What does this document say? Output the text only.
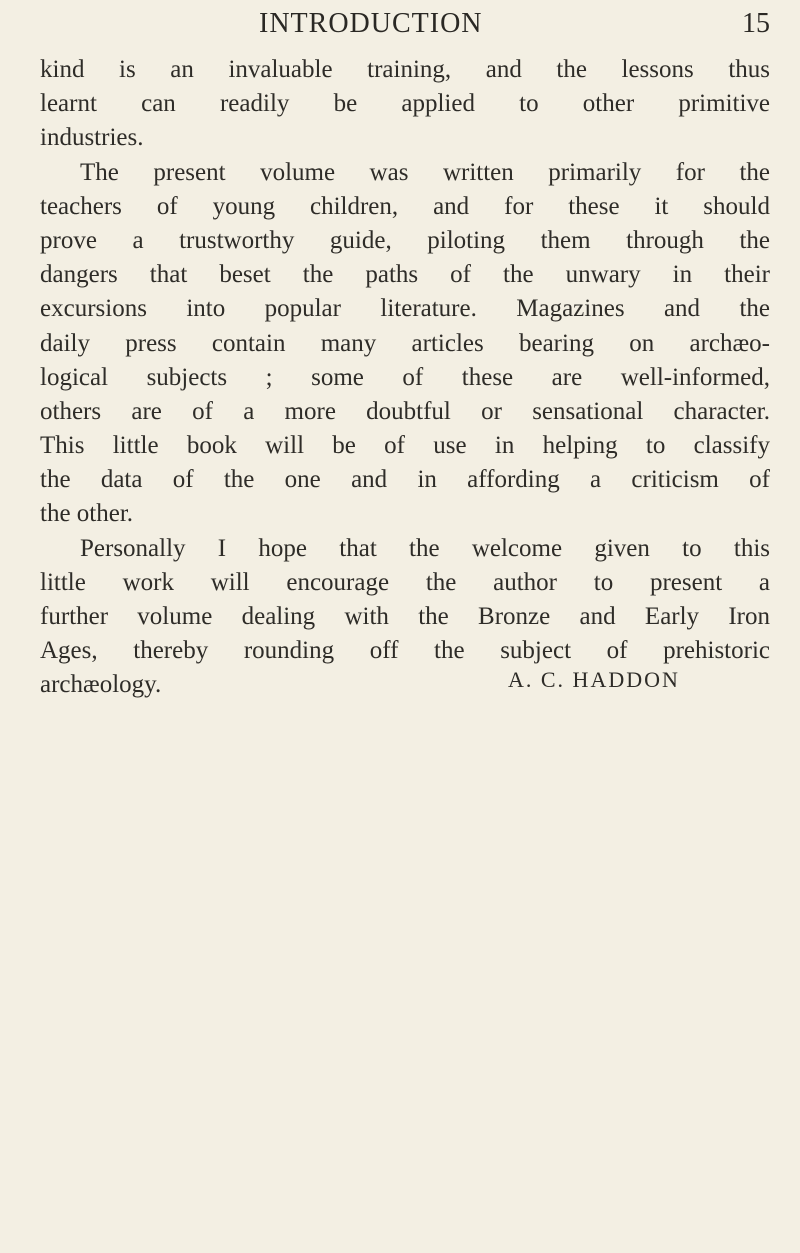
INTRODUCTION	15
kind is an invaluable training, and the lessons thus
learnt can readily be applied to other primitive
industries.
The present volume was written primarily for the
teachers of young children, and for these it should
prove a trustworthy guide, piloting them through the
dangers that beset the paths of the unwary in their
excursions into popular literature. Magazines and the
daily press contain many articles bearing on archæo-
logical subjects ; some of these are well-informed,
others are of a more doubtful or sensational character.
This little book will be of use in helping to classify
the data of the one and in affording a criticism of
the other.
Personally I hope that the welcome given to this
little work will encourage the author to present a
further volume dealing with the Bronze and Early Iron
Ages, thereby rounding off the subject of prehistoric
archæology.	A. C. HADDON
